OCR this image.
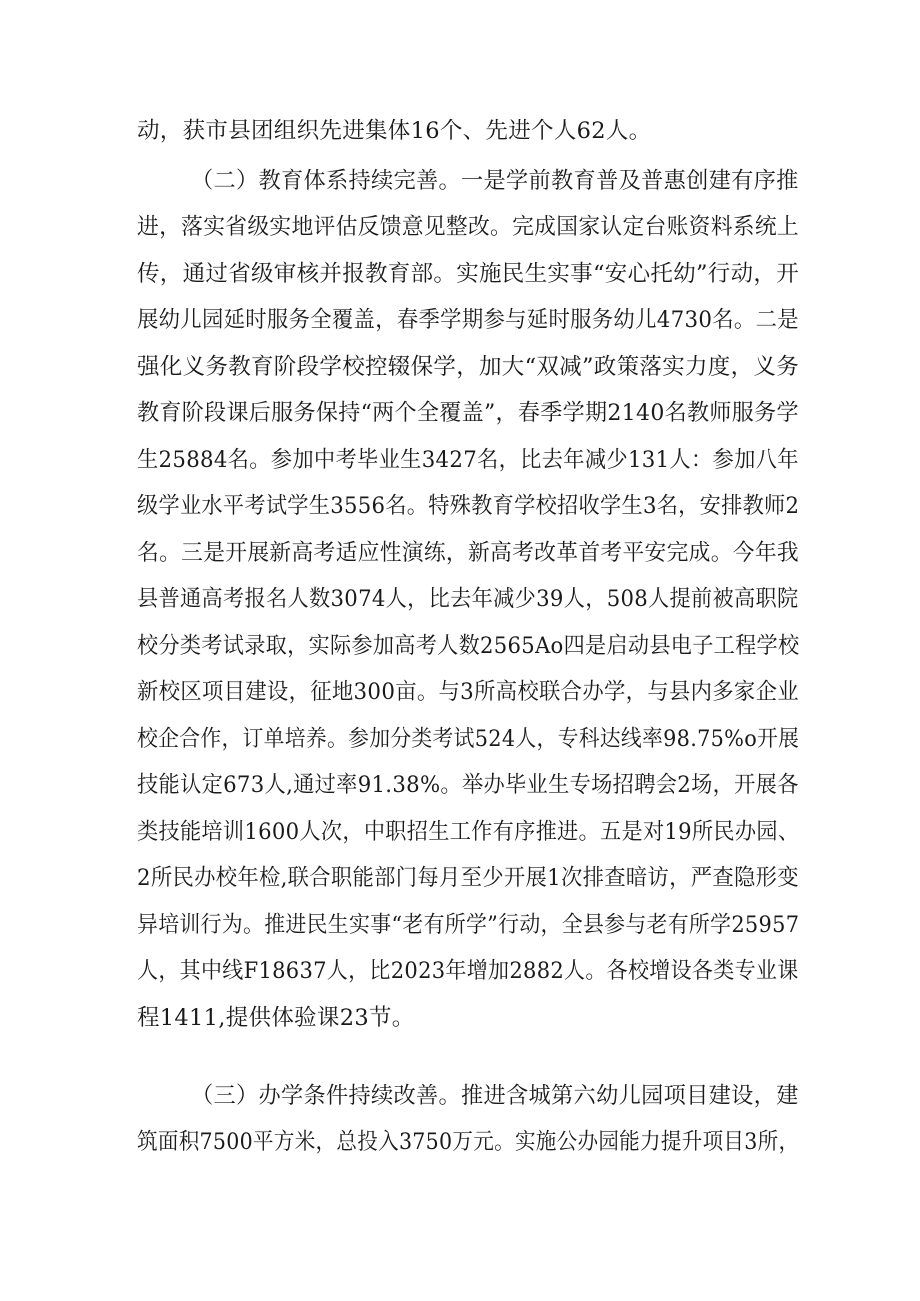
动，获市县团组织先进集体16个、先进个人62人。
（二）教育体系持续完善。一是学前教育普及普惠创建有序推
进，落实省级实地评估反馈意见整改。完成国家认定台账资料系统上
传，通过省级审核并报教育部。实施民生实事“安心托幼”行动，开
展幼儿园延时服务全覆盖，春季学期参与延时服务幼儿4730名。二是
强化义务教育阶段学校控辍保学，加大“双减”政策落实力度，义务
教育阶段课后服务保持“两个全覆盖”，春季学期2140名教师服务学
生25884名。参加中考毕业生3427名，比去年减少131人：参加八年
级学业水平考试学生3556名。特殊教育学校招收学生3名，安排教师2
名。三是开展新高考适应性演练，新高考改革首考平安完成。今年我
县普通高考报名人数3074人，比去年减少39人，508人提前被高职院
校分类考试录取，实际参加高考人数2565Ao四是启动县电子工程学校
新校区项目建设，征地300亩。与3所高校联合办学，与县内多家企业
校企合作，订单培养。参加分类考试524人，专科达线率98.75%o开展
技能认定673人,通过率91.38%。举办毕业生专场招聘会2场，开展各
类技能培训1600人次，中职招生工作有序推进。五是对19所民办园、
2所民办校年检,联合职能部门每月至少开展1次排查暗访，严查隐形变
异培训行为。推进民生实事“老有所学”行动，全县参与老有所学25957
人，其中线F18637人，比2023年增加2882人。各校增设各类专业课
程1411,提供体验课23节。
（三）办学条件持续改善。推进含城第六幼儿园项目建设，建
筑面积7500平方米，总投入3750万元。实施公办园能力提升项目3所，
